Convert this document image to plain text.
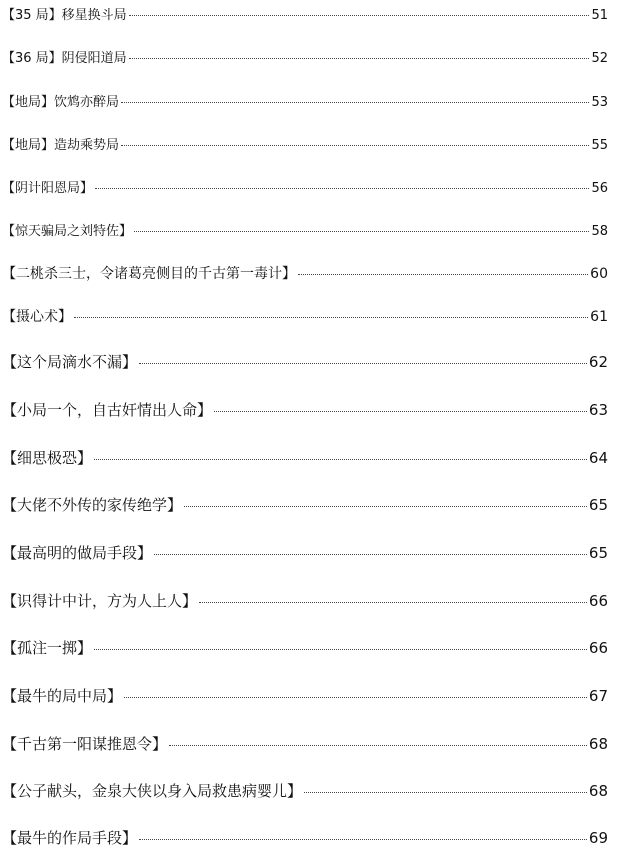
【35 局】移星换斗局	51
【36 局】阴侵阳道局	52
【地局】饮鸩亦醉局	53
【地局】造劫乘势局	55
【阴计阳恩局】	56
【惊天骗局之刘特佐】	58
【二桃杀三士，令诸葛亮侧目的千古第一毒计】	60
【摄心术】	61
【这个局滴水不漏】	62
【小局一个，自古奸情出人命】	63
【细思极恐】	64
【大佬不外传的家传绝学】	65
【最高明的做局手段】	65
【识得计中计，方为人上人】	66
【孤注一掷】	66
【最牛的局中局】	67
【千古第一阳谋推恩令】	68
【公子献头，金泉大侠以身入局救患病婴儿】	68
【最牛的作局手段】	69
